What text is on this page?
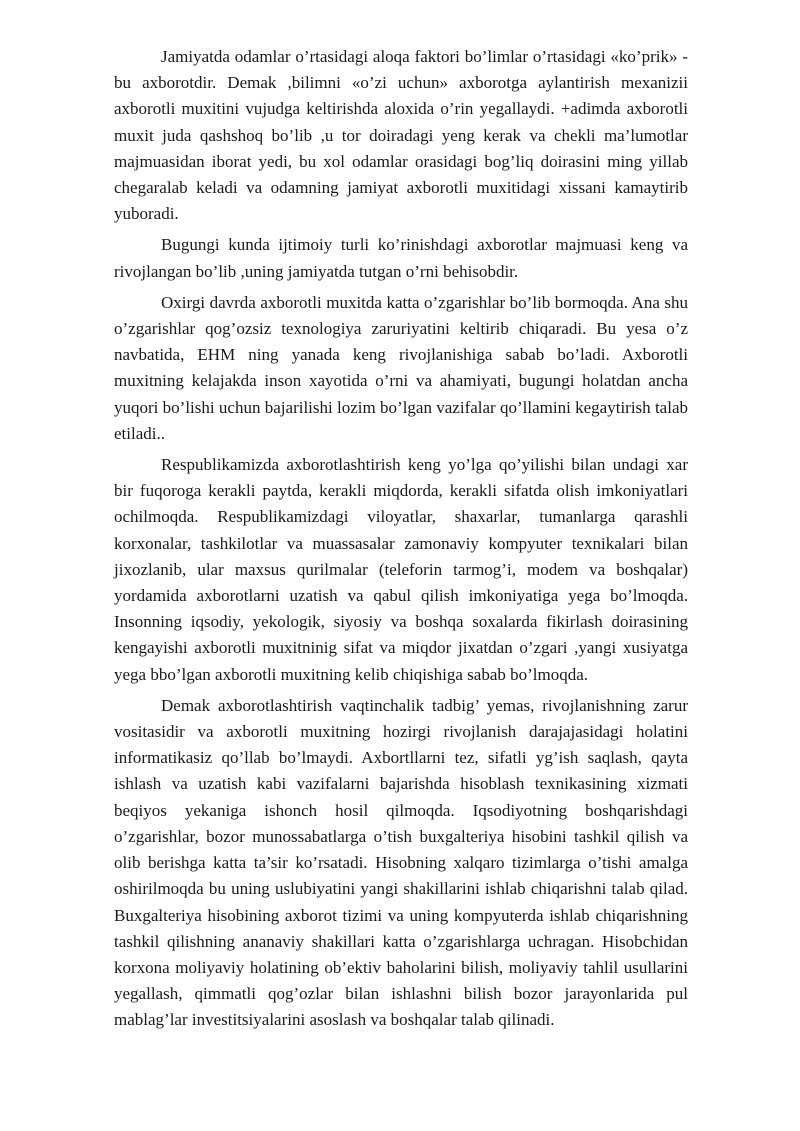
Jamiyatda odamlar o’rtasidagi aloqa faktori bo’limlar o’rtasidagi «ko’prik» - bu axborotdir. Demak ,bilimni «o’zi uchun» axborotga aylantirish mexanizii axborotli muxitini vujudga keltirishda aloxida o’rin yegallaydi. +adimda axborotli muxit juda qashshoq bo’lib ,u tor doiradagi yeng kerak va chekli ma’lumotlar majmuasidan iborat yedi, bu xol odamlar orasidagi bog’liq doirasini ming yillab chegaralab keladi va odamning jamiyat axborotli muxitidagi xissani kamaytirib yuboradi.

Bugungi kunda ijtimoiy turli ko’rinishdagi axborotlar majmuasi keng va rivojlangan bo’lib ,uning jamiyatda tutgan o’rni behisobdir.

Oxirgi davrda axborotli muxitda katta o’zgarishlar bo’lib bormoqda. Ana shu o’zgarishlar qog’ozsiz texnologiya zaruriyatini keltirib chiqaradi. Bu yesa o’z navbatida, EHM ning yanada keng rivojlanishiga sabab bo’ladi. Axborotli muxitning kelajakda inson xayotida o’rni va ahamiyati, bugungi holatdan ancha yuqori bo’lishi uchun bajarilishi lozim bo’lgan vazifalar qo’llamini kegaytirish talab etiladi..

Respublikamizda axborotlashtirish keng yo’lga qo’yilishi bilan undagi xar bir fuqoroga kerakli paytda, kerakli miqdorda, kerakli sifatda olish imkoniyatlari ochilmoqda. Respublikamizdagi viloyatlar, shaxarlar, tumanlarga qarashli korxonalar, tashkilotlar va muassasalar zamonaviy kompyuter texnikalari bilan jixozlanib, ular maxsus qurilmalar (teleforin tarmog’i, modem va boshqalar) yordamida axborotlarni uzatish va qabul qilish imkoniyatiga yega bo’lmoqda. Insonning iqsodiy, yekologik, siyosiy va boshqa soxalarda fikirlash doirasining kengayishi axborotli muxitninig sifat va miqdor jixatdan o’zgari ,yangi xusiyatga yega bbo’lgan axborotli muxitning kelib chiqishiga sabab bo’lmoqda.

Demak axborotlashtirish vaqtinchalik tadbig’ yemas, rivojlanishning zarur vositasidir va axborotli muxitning hozirgi rivojlanish darajajasidagi holatini informatikasiz qo’llab bo’lmaydi. Axbortllarni tez, sifatli yg’ish saqlash, qayta ishlash va uzatish kabi vazifalarni bajarishda hisoblash texnikasining xizmati beqiyos yekaniga ishonch hosil qilmoqda. Iqsodiyotning boshqarishdagi o’zgarishlar, bozor munossabatlarga o’tish buxgalteriya hisobini tashkil qilish va olib berishga katta ta’sir ko’rsatadi. Hisobning xalqaro tizimlarga o’tishi amalga oshirilmoqda bu uning uslubiyatini yangi shakillarini ishlab chiqarishni talab qilad. Buxgalteriya hisobining axborot tizimi va uning kompyuterda ishlab chiqarishning tashkil qilishning ananaviy shakillari katta o’zgarishlarga uchragan. Hisobchidan korxona moliyaviy holatining ob’ektiv baholarini bilish, moliyaviy tahlil usullarini yegallash, qimmatli qog’ozlar bilan ishlashni bilish bozor jarayonlarida pul mablag’lar investitsiyalarini asoslash va boshqalar talab qilinadi.
